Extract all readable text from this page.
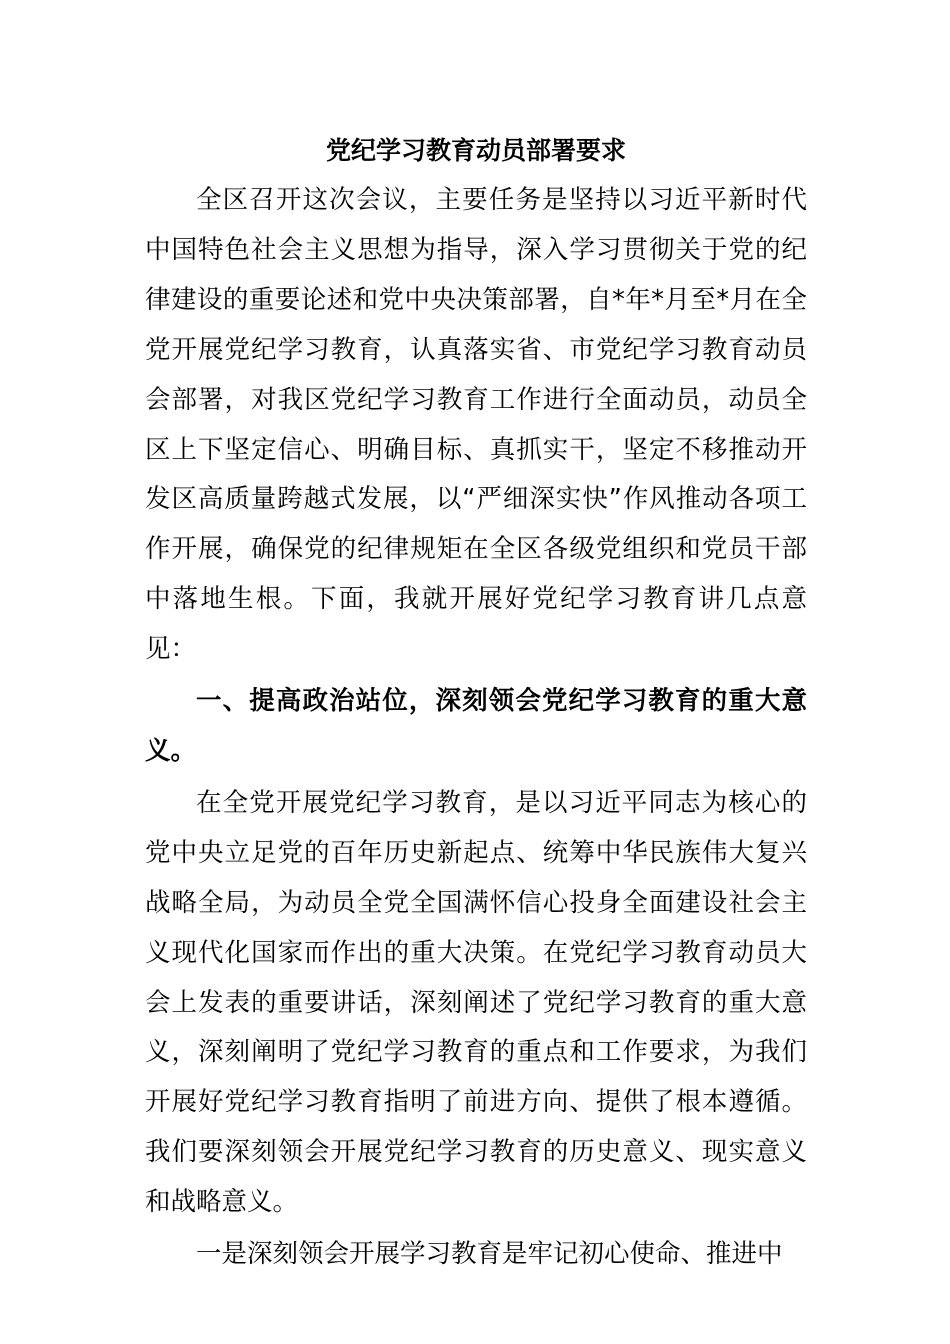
党纪学习教育动员部署要求

全区召开这次会议，主要任务是坚持以习近平新时代中国特色社会主义思想为指导，深入学习贯彻关于党的纪律建设的重要论述和党中央决策部署，自*年*月至*月在全党开展党纪学习教育，认真落实省、市党纪学习教育动员会部署，对我区党纪学习教育工作进行全面动员，动员全区上下坚定信心、明确目标、真抓实干，坚定不移推动开发区高质量跨越式发展，以“严细深实快”作风推动各项工作开展，确保党的纪律规矩在全区各级党组织和党员干部中落地生根。下面，我就开展好党纪学习教育讲几点意见：

一、提高政治站位，深刻领会党纪学习教育的重大意义。

在全党开展党纪学习教育，是以习近平同志为核心的党中央立足党的百年历史新起点、统筹中华民族伟大复兴战略全局，为动员全党全国满怀信心投身全面建设社会主义现代化国家而作出的重大决策。在党纪学习教育动员大会上发表的重要讲话，深刻阐述了党纪学习教育的重大意义，深刻阐明了党纪学习教育的重点和工作要求，为我们开展好党纪学习教育指明了前进方向、提供了根本遵循。我们要深刻领会开展党纪学习教育的历史意义、现实意义和战略意义。

一是深刻领会开展学习教育是牢记初心使命、推进中
